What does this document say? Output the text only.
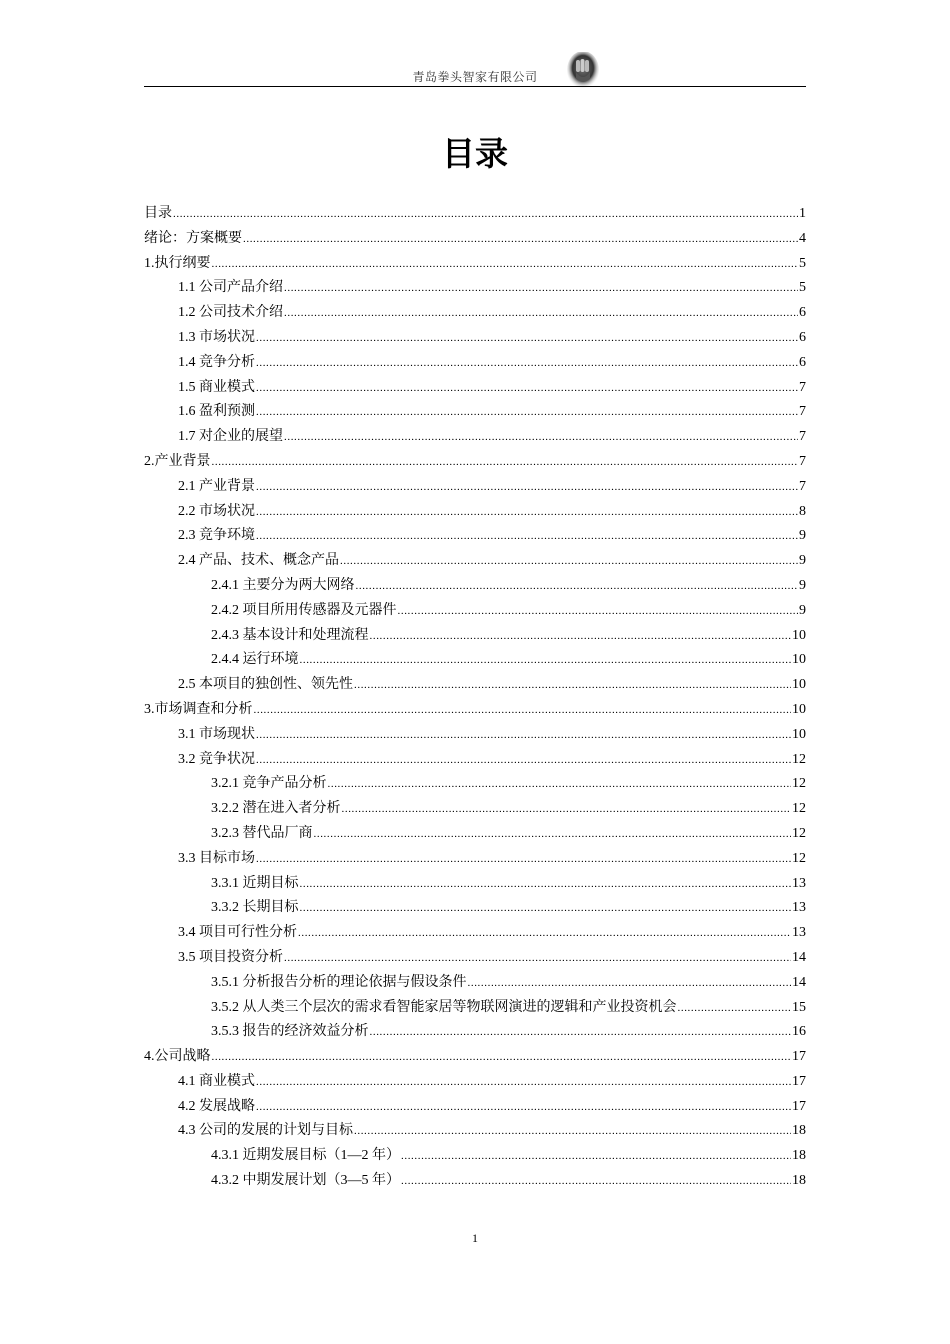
青岛拳头智家有限公司
目录
目录 .....	1
绪论：方案概要 .....	4
1.执行纲要 .....	5
1.1 公司产品介绍 .....	5
1.2 公司技术介绍 .....	6
1.3 市场状况 .....	6
1.4 竞争分析 .....	6
1.5 商业模式 .....	7
1.6 盈利预测 .....	7
1.7 对企业的展望 .....	7
2.产业背景 .....	7
2.1 产业背景 .....	7
2.2 市场状况 .....	8
2.3 竞争环境 .....	9
2.4 产品、技术、概念产品 .....	9
2.4.1 主要分为两大网络 .....	9
2.4.2 项目所用传感器及元器件 .....	9
2.4.3 基本设计和处理流程 .....	10
2.4.4 运行环境 .....	10
2.5 本项目的独创性、领先性 .....	10
3.市场调查和分析 .....	10
3.1 市场现状 .....	10
3.2 竞争状况 .....	12
3.2.1 竞争产品分析 .....	12
3.2.2 潜在进入者分析 .....	12
3.2.3 替代品厂商 .....	12
3.3 目标市场 .....	12
3.3.1 近期目标 .....	13
3.3.2 长期目标 .....	13
3.4 项目可行性分析 .....	13
3.5 项目投资分析 .....	14
3.5.1 分析报告分析的理论依据与假设条件 .....	14
3.5.2 从人类三个层次的需求看智能家居等物联网演进的逻辑和产业投资机会 .....	15
3.5.3 报告的经济效益分析 .....	16
4.公司战略 .....	17
4.1 商业模式 .....	17
4.2 发展战略 .....	17
4.3 公司的发展的计划与目标 .....	18
4.3.1 近期发展目标（1—2 年） .....	18
4.3.2 中期发展计划（3—5 年） .....	18
1
